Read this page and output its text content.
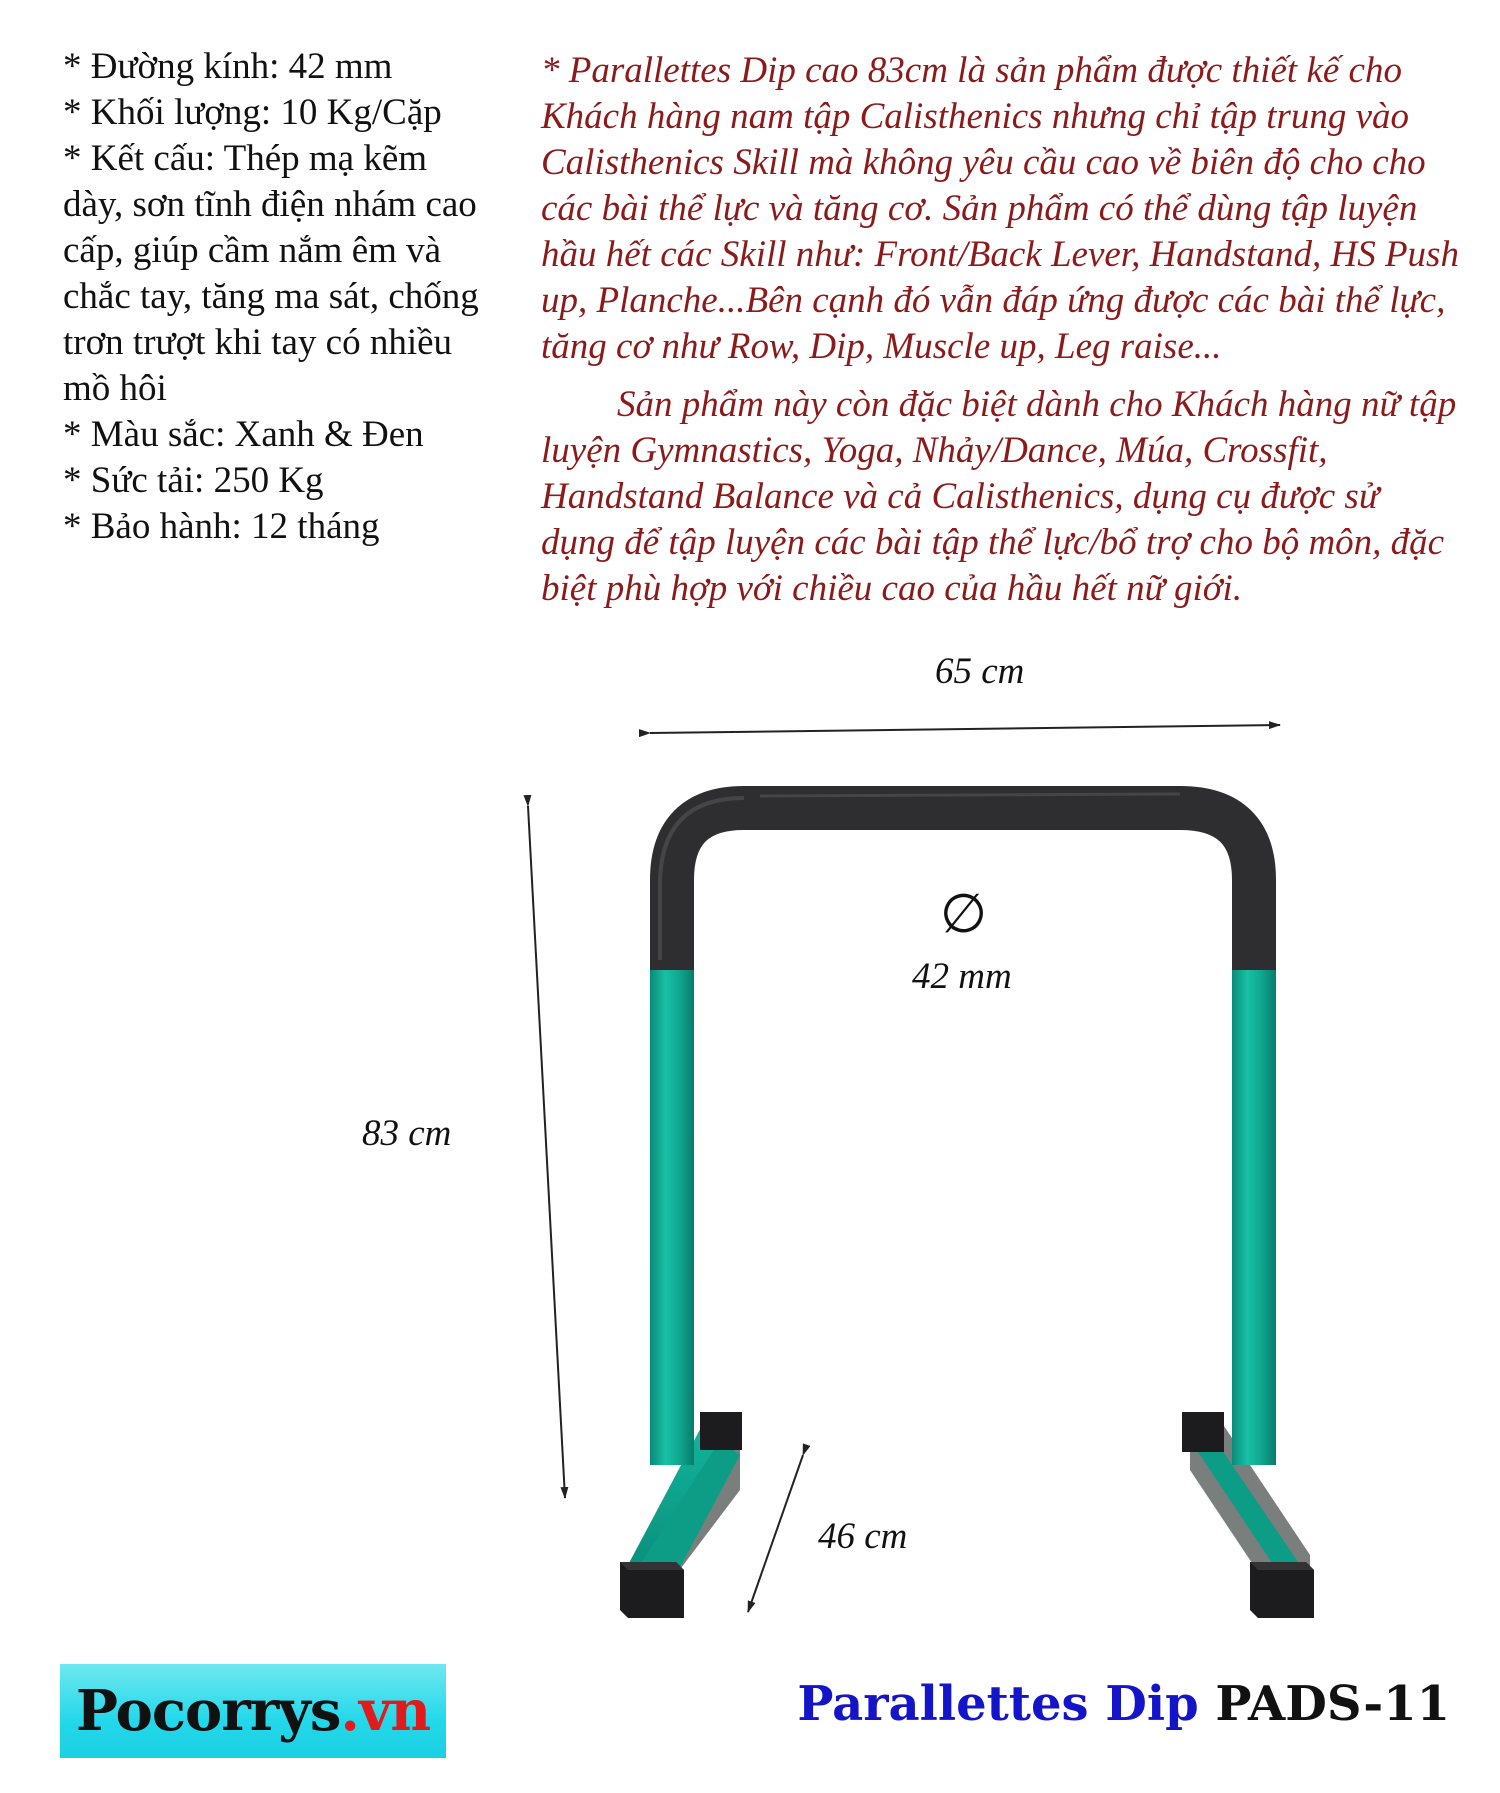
* Đường kính: 42 mm
* Khối lượng: 10 Kg/Cặp
* Kết cấu: Thép mạ kẽm dày, sơn tĩnh điện nhám cao cấp, giúp cầm nắm êm và chắc tay, tăng ma sát, chống trơn trượt khi tay có nhiều mồ hôi
* Màu sắc: Xanh & Đen
* Sức tải: 250 Kg
* Bảo hành: 12 tháng

* Parallettes Dip cao 83cm là sản phẩm được thiết kế cho Khách hàng nam tập Calisthenics nhưng chỉ tập trung vào Calisthenics Skill mà không yêu cầu cao về biên độ cho cho các bài thể lực và tăng cơ. Sản phẩm có thể dùng tập luyện hầu hết các Skill như: Front/Back Lever, Handstand, HS Push up, Planche...Bên cạnh đó vẫn đáp ứng được các bài thể lực, tăng cơ như Row, Dip, Muscle up, Leg raise...

Sản phẩm này còn đặc biệt dành cho Khách hàng nữ tập luyện Gymnastics, Yoga, Nhảy/Dance, Múa, Crossfit, Handstand Balance và cả Calisthenics, dụng cụ được sử dụng để tập luyện các bài tập thể lực/bổ trợ cho bộ môn, đặc biệt phù hợp với chiều cao của hầu hết nữ giới.

65 cm
83 cm
46 cm
∅
42 mm
Pocorrys.vn	Parallettes Dip PADS-11
